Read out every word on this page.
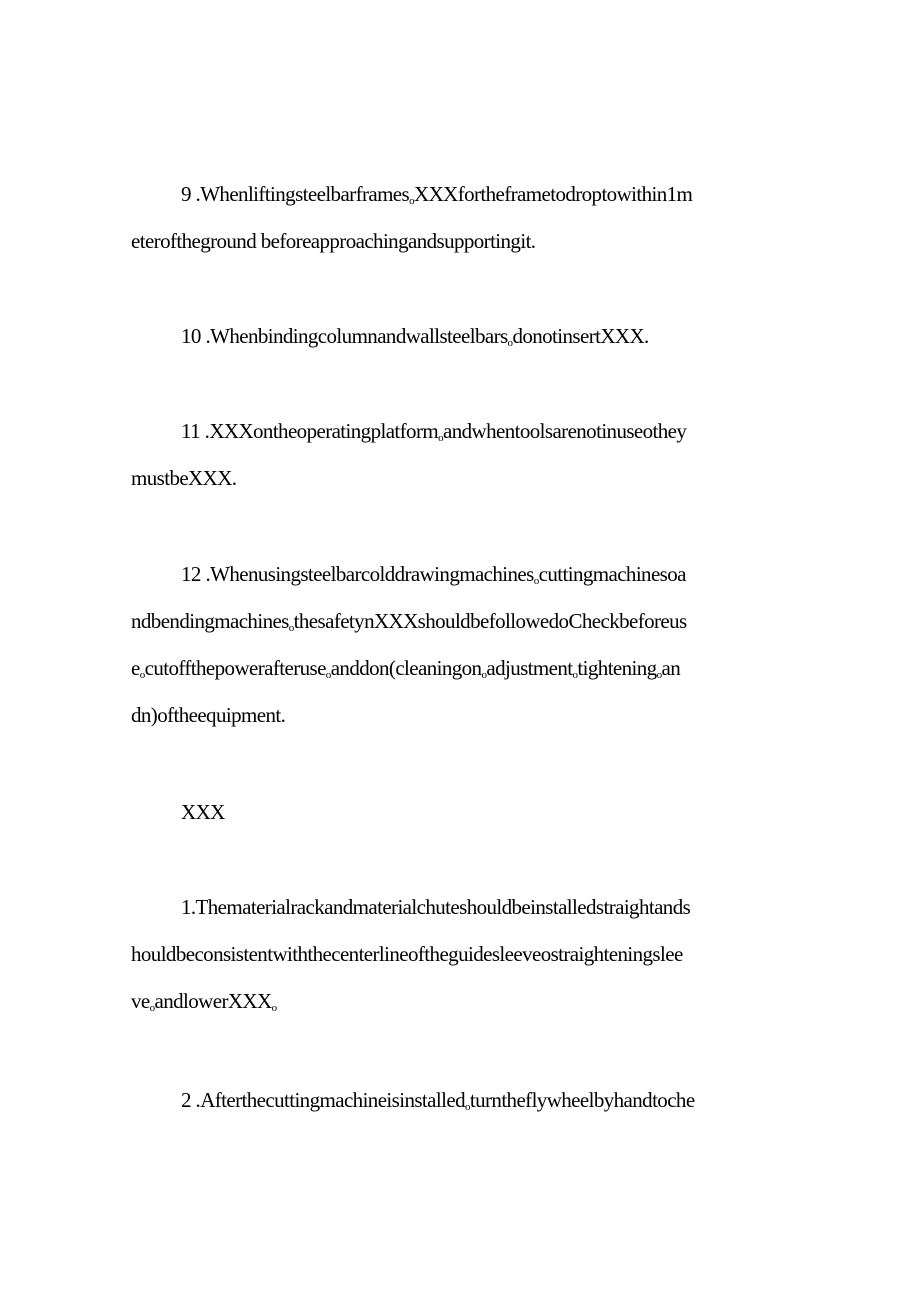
9 .Whenliftingsteelbarframes$_o$XXXfortheframetodroptowithin1m
eteroftheground beforeapproachingandsupportingit.
10 .Whenbindingcolumnandwallsteelbars$_o$donotinsertXXX.
11 .XXXontheoperatingplatform$_o$andwhentoolsarenotinuseothey
mustbeXXX.
12 .Whenusingsteelbarcolddrawingmachines$_o$cuttingmachinesoa
ndbendingmachines$_o$thesafetynXXXshouldbefollowedoCheckbeforeus
$e_ocutoffthepowerafteruse_oanddon(cleaningon_oadjustment_otightening_oan$
dn)oftheequipment.
XXX
1.Thematerialrackandmaterialchuteshouldbeinstalledstraightands
houldbeconsistentwiththecenterlineoftheguidesleeveostraighteningslee
$ve_oandlowerXXX_o$
2 .Afterthecuttingmachineisinstalled$_o$turntheflywheelbyhandtoche
